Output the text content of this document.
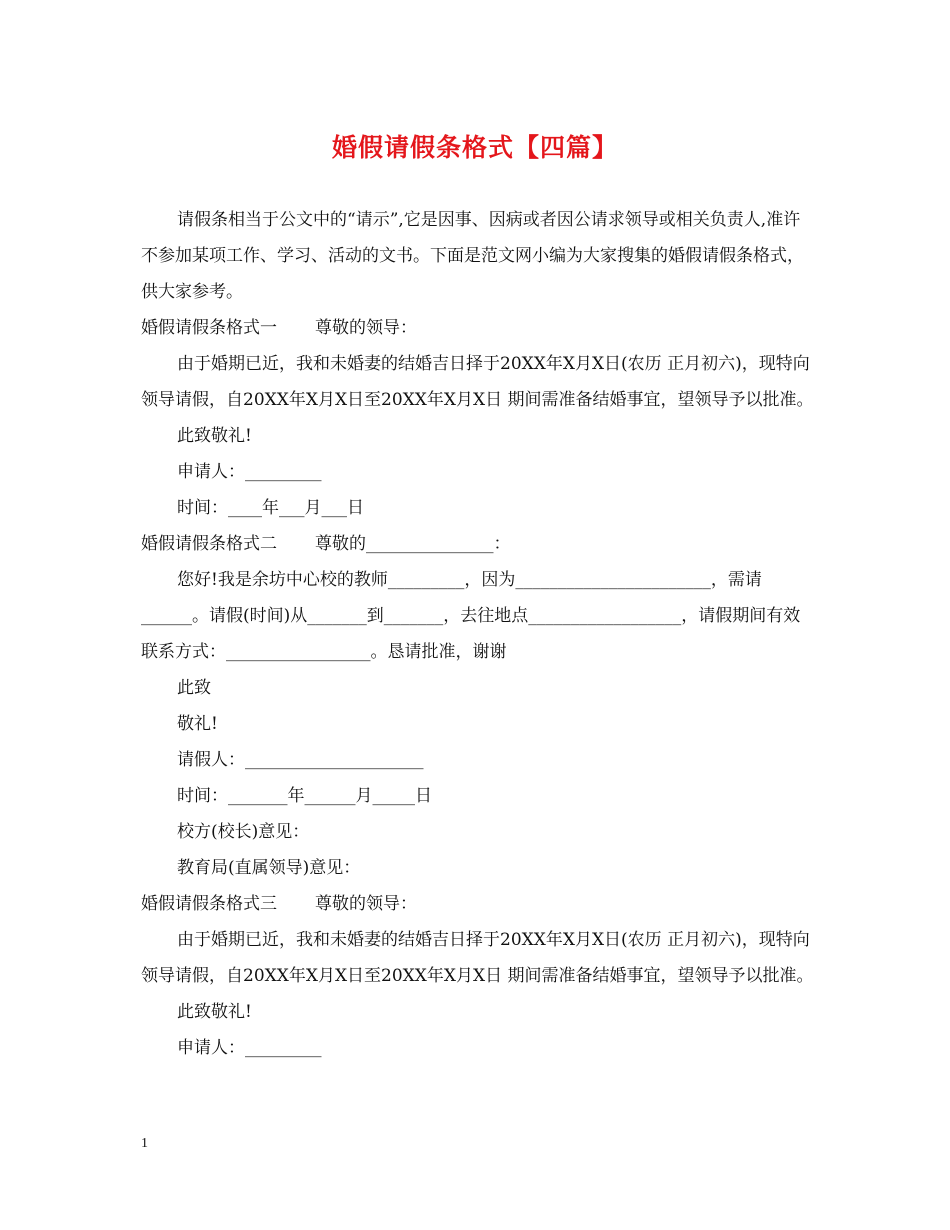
婚假请假条格式【四篇】

请假条相当于公文中的“请示”,它是因事、因病或者因公请求领导或相关负责人,准许不参加某项工作、学习、活动的文书。下面是范文网小编为大家搜集的婚假请假条格式，供大家参考。

婚假请假条格式一 尊敬的领导：

由于婚期已近，我和未婚妻的结婚吉日择于20XX年X月X日(农历 正月初六)，现特向领导请假，自20XX年X月X日至20XX年X月X日 期间需准备结婚事宜，望领导予以批准。

此致敬礼!

申请人：_________

时间：____年___月___日

婚假请假条格式二 尊敬的_______________：

您好!我是余坊中心校的教师_________，因为_______________________，需请______。请假(时间)从_______到_______，去往地点__________________，请假期间有效联系方式：_________________。恳请批准，谢谢

此致

敬礼!

请假人：_____________________

时间：_______年______月_____日

校方(校长)意见：

教育局(直属领导)意见：

婚假请假条格式三 尊敬的领导：

由于婚期已近，我和未婚妻的结婚吉日择于20XX年X月X日(农历 正月初六)，现特向领导请假，自20XX年X月X日至20XX年X月X日 期间需准备结婚事宜，望领导予以批准。

此致敬礼!

申请人：_________

1
